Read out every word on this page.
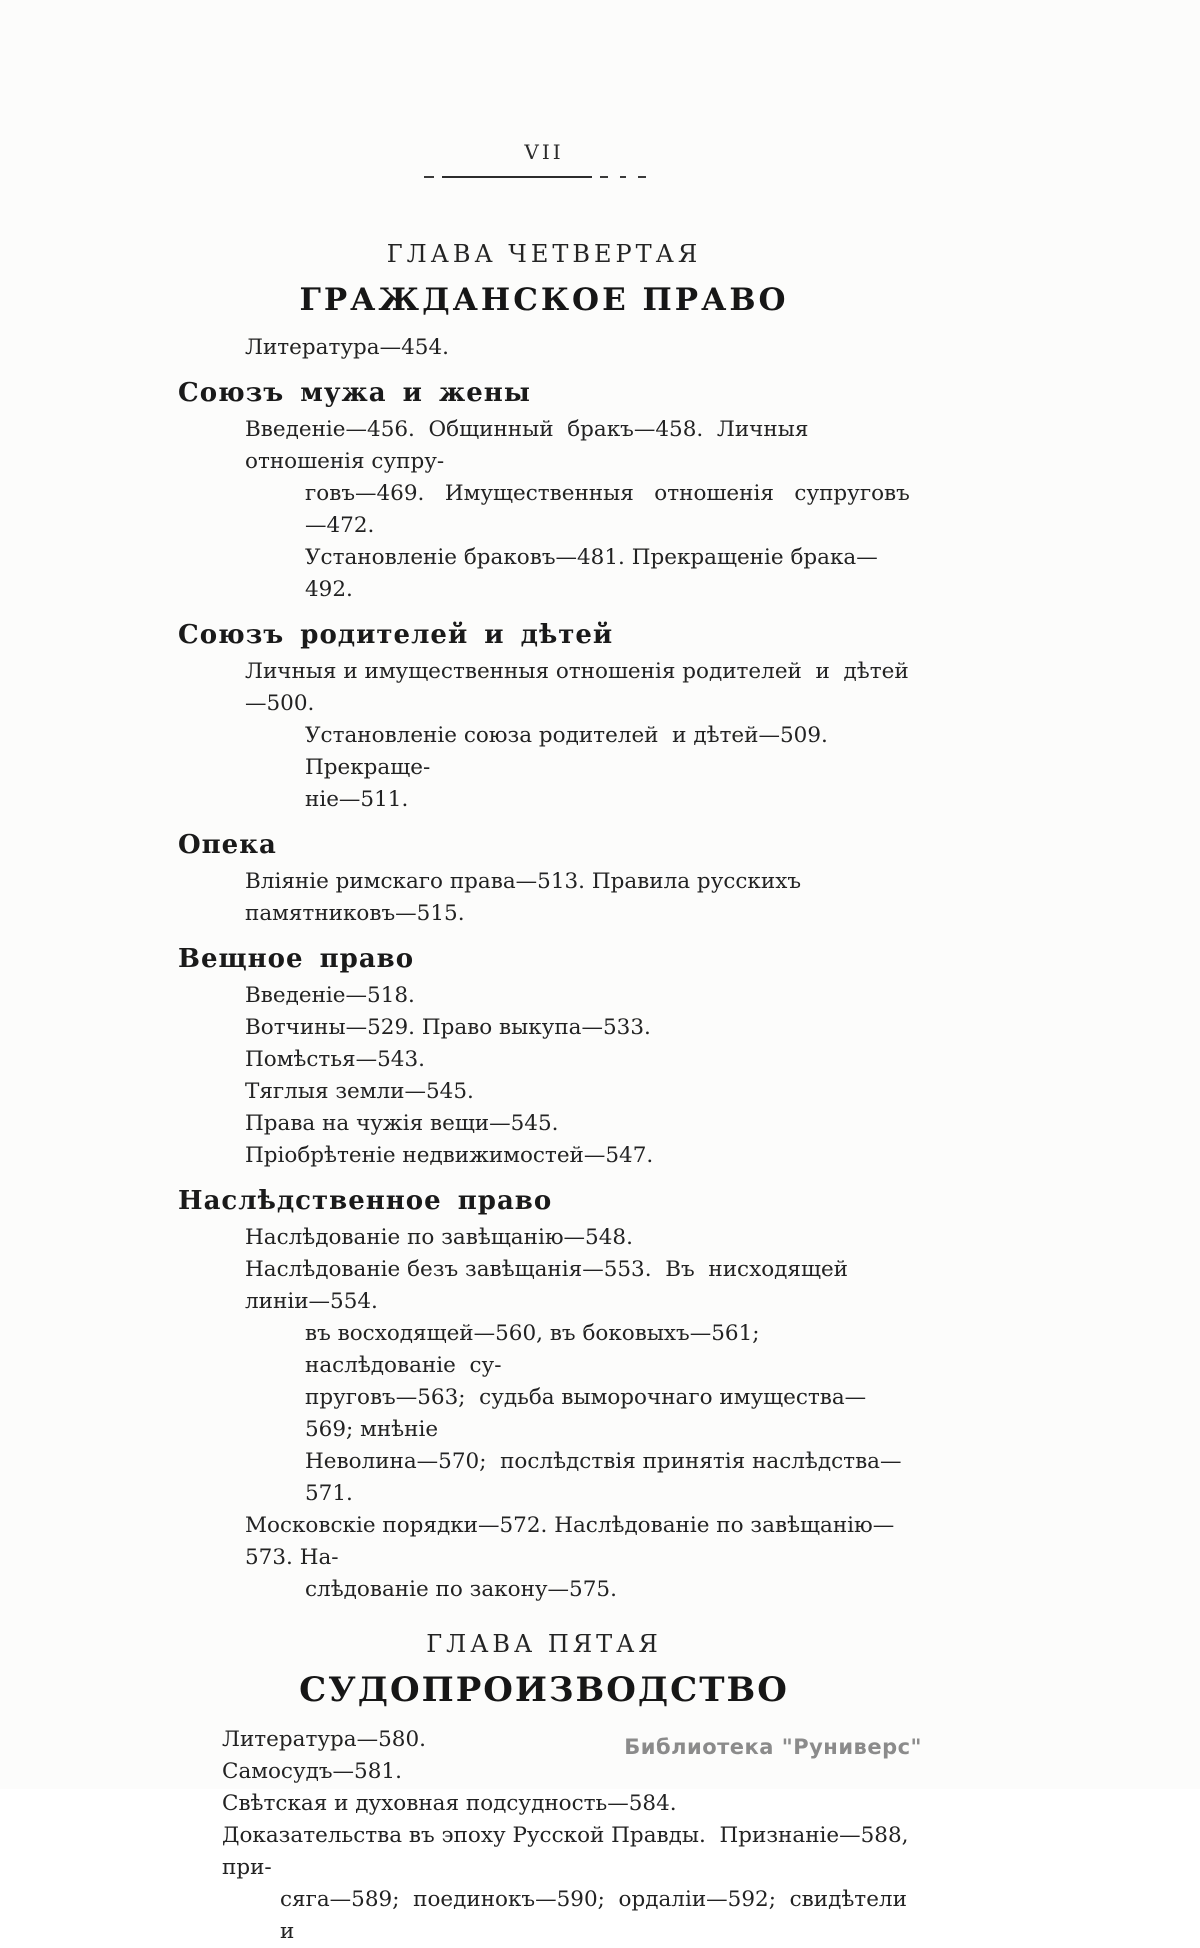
VII
ГЛАВА ЧЕТВЕРТАЯ
ГРАЖДАНСКОЕ ПРАВО
Литература—454.
Союзъ мужа и жены
Введеніе—456.  Общинный  бракъ—458.  Личныя отношенія супру-
говъ—469.   Имущественныя   отношенія   супруговъ—472.
Установленіе браковъ—481. Прекращеніе брака—492.
Союзъ родителей и дѣтей
Личныя и имущественныя отношенія родителей  и  дѣтей—500.
Установленіе союза родителей  и дѣтей—509.  Прекраще-
ніе—511.
Опека
Вліяніе римскаго права—513. Правила русскихъ памятниковъ—515.
Вещное право
Введеніе—518.
Вотчины—529. Право выкупа—533.
Помѣстья—543.
Тяглыя земли—545.
Права на чужія вещи—545.
Пріобрѣтеніе недвижимостей—547.
Наслѣдственное право
Наслѣдованіе по завѣщанію—548.
Наслѣдованіе безъ завѣщанія—553.  Въ  нисходящей  линіи—554.
въ восходящей—560, въ боковыхъ—561;  наслѣдованіе  су-
пруговъ—563;  судьба выморочнаго имущества—569; мнѣніе
Неволина—570;  послѣдствія принятія наслѣдства—571.
Московскіе порядки—572. Наслѣдованіе по завѣщанію—573. На-
слѣдованіе по закону—575.
ГЛАВА ПЯТАЯ
СУДОПРОИЗВОДСТВО
Литература—580.
Самосудъ—581.
Свѣтская и духовная подсудность—584.
Доказательства въ эпоху Русской Правды.  Признаніе—588, при-
сяга—589;  поединокъ—590;  ордаліи—592;  свидѣтели  и
Библиотека "Руниверс"
